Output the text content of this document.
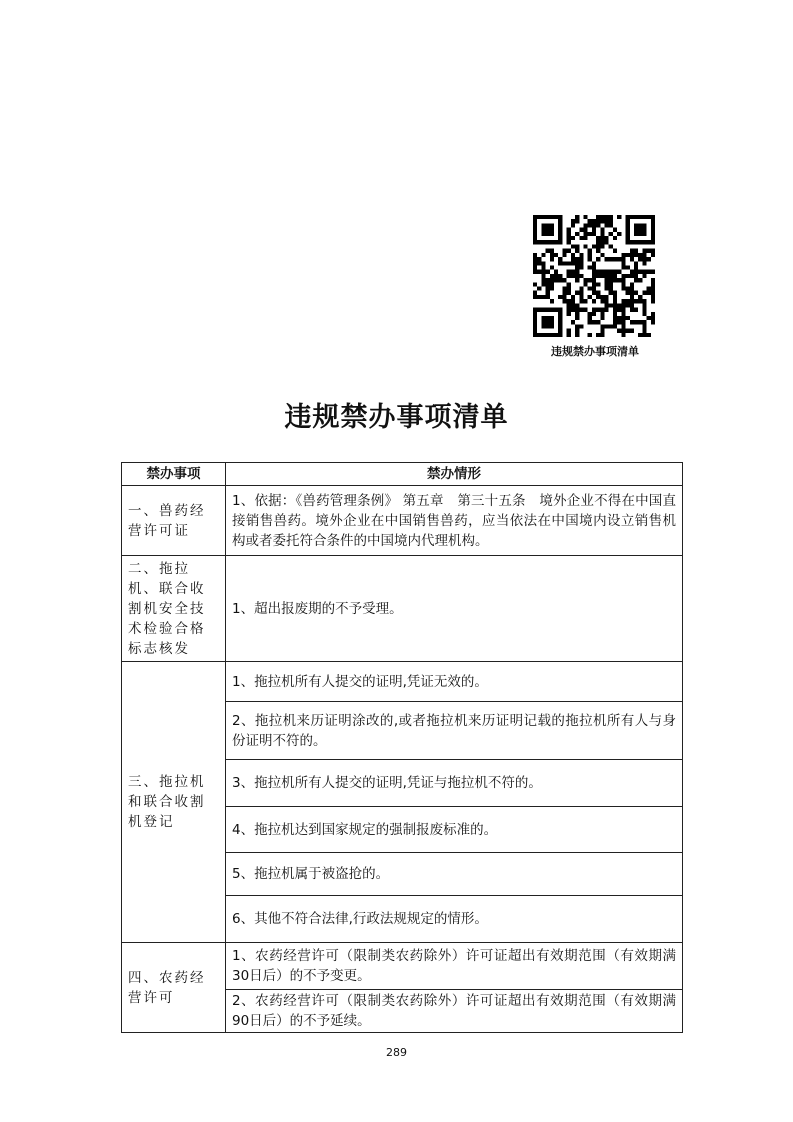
违规禁办事项清单
违规禁办事项清单
禁办事项	禁办情形
一、兽药经营许可证	1、依据：《兽药管理条例》 第五章　第三十五条　境外企业不得在中国直接销售兽药。境外企业在中国销售兽药，应当依法在中国境内设立销售机构或者委托符合条件的中国境内代理机构。
二、拖拉机、联合收割机安全技术检验合格标志核发	1、超出报废期的不予受理。
三、拖拉机和联合收割机登记	1、拖拉机所有人提交的证明,凭证无效的。
	2、拖拉机来历证明涂改的,或者拖拉机来历证明记载的拖拉机所有人与身份证明不符的。
	3、拖拉机所有人提交的证明,凭证与拖拉机不符的。
	4、拖拉机达到国家规定的强制报废标准的。
	5、拖拉机属于被盗抢的。
	6、其他不符合法律,行政法规规定的情形。
四、农药经营许可	1、农药经营许可（限制类农药除外）许可证超出有效期范围（有效期满30日后）的不予变更。
	2、农药经营许可（限制类农药除外）许可证超出有效期范围（有效期满90日后）的不予延续。
289
